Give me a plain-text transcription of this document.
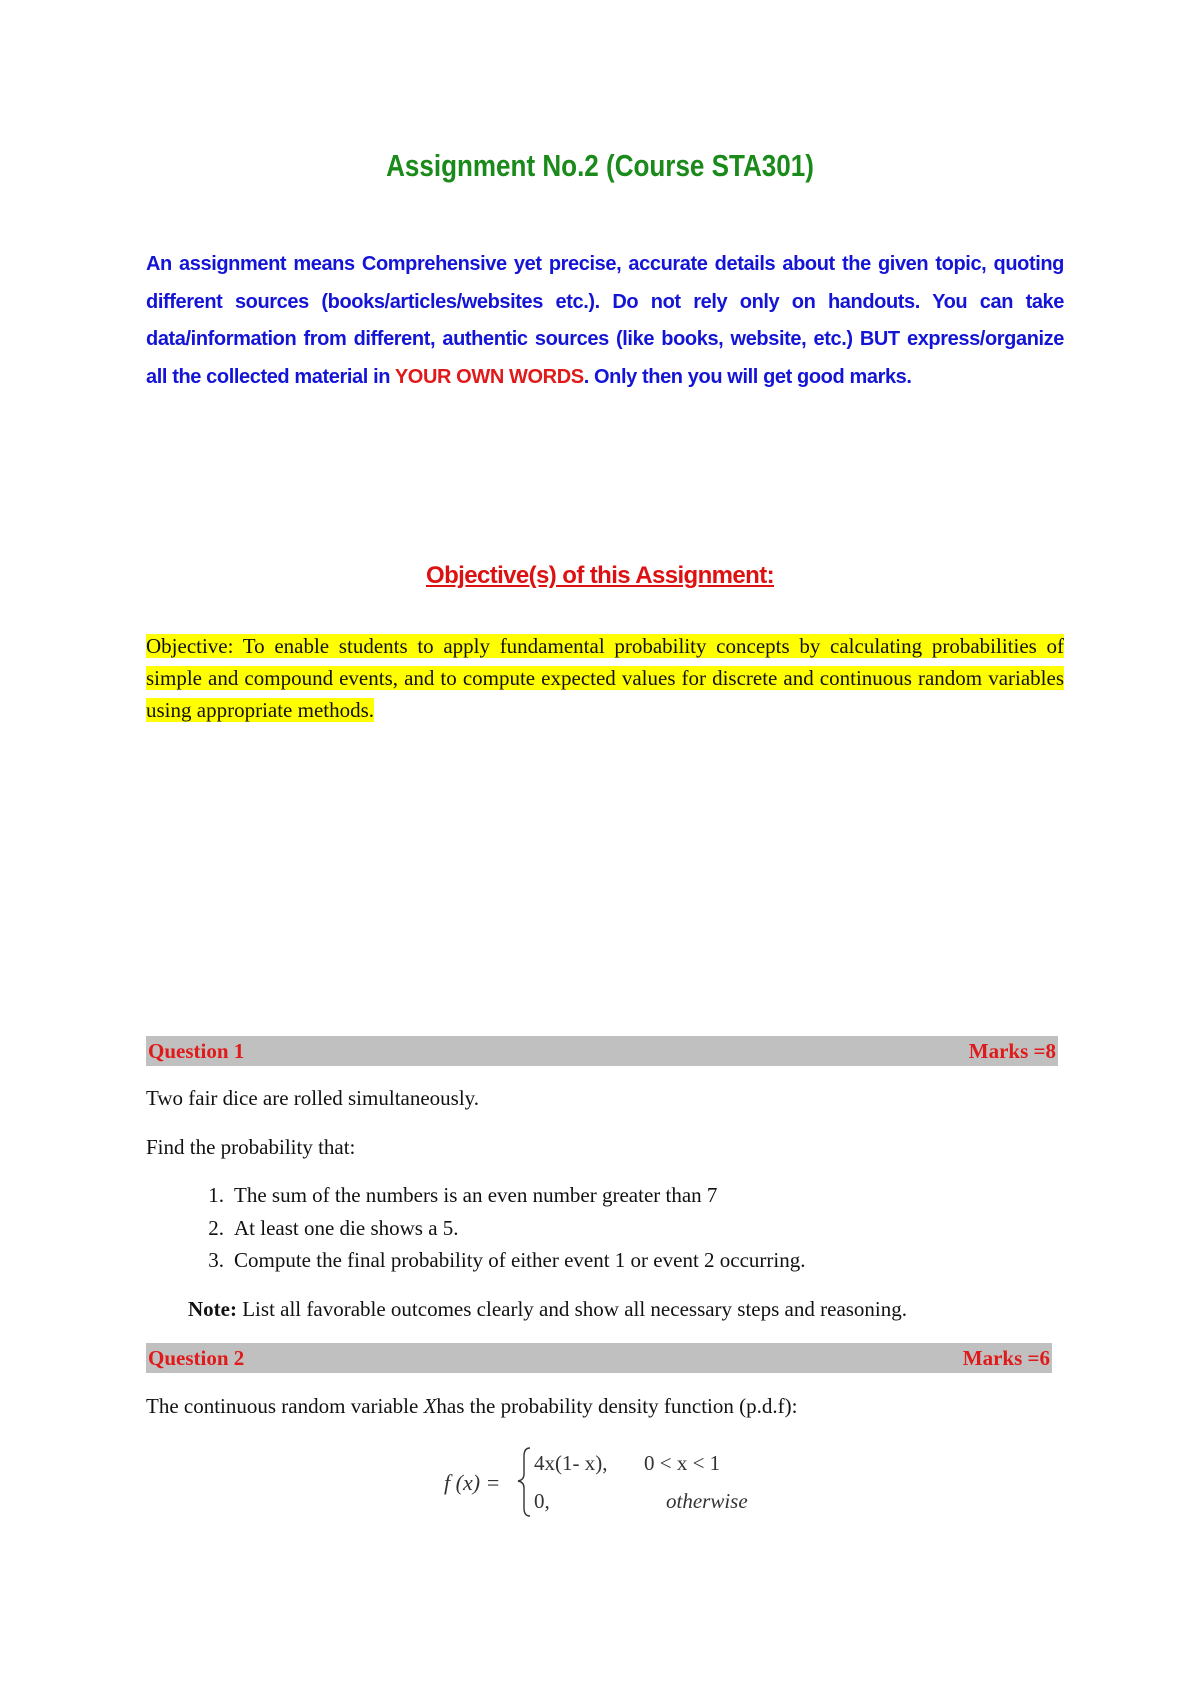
Assignment No.2 (Course STA301)
An assignment means Comprehensive yet precise, accurate details about the given topic, quoting different sources (books/articles/websites etc.). Do not rely only on handouts. You can take data/information from different, authentic sources (like books, website, etc.) BUT express/organize all the collected material in YOUR OWN WORDS. Only then you will get good marks.
Objective(s) of this Assignment:
Objective: To enable students to apply fundamental probability concepts by calculating probabilities of simple and compound events, and to compute expected values for discrete and continuous random variables using appropriate methods.
Question 1	Marks =8
Two fair dice are rolled simultaneously.
Find the probability that:
1. The sum of the numbers is an even number greater than 7
2. At least one die shows a 5.
3. Compute the final probability of either event 1 or event 2 occurring.
Note: List all favorable outcomes clearly and show all necessary steps and reasoning.
Question 2	Marks =6
The continuous random variable Xhas the probability density function (p.d.f):
f (x) =
4x(1- x), 0 < x < 1
0,	otherwise
